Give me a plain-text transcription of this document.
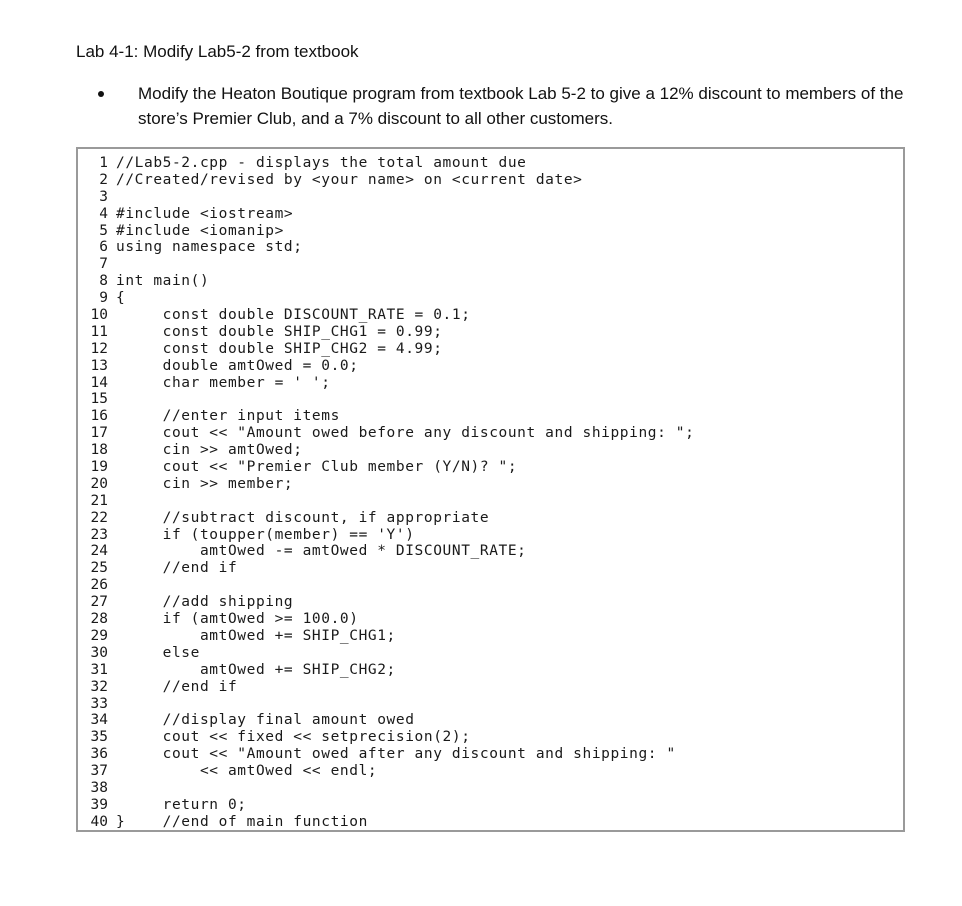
Lab 4-1: Modify Lab5-2 from textbook
Modify the Heaton Boutique program from textbook Lab 5-2 to give a 12% discount to members of the store’s Premier Club, and a 7% discount to all other customers.
1 //Lab5-2.cpp - displays the total amount due
2 //Created/revised by <your name> on <current date>
3
4 #include <iostream>
5 #include <iomanip>
6 using namespace std;
7
8 int main()
9 {
10 const double DISCOUNT_RATE = 0.1;
11 const double SHIP_CHG1 = 0.99;
12 const double SHIP_CHG2 = 4.99;
13 double amtOwed = 0.0;
14 char member = ' ';
15
16 //enter input items
17 cout << "Amount owed before any discount and shipping: ";
18 cin >> amtOwed;
19 cout << "Premier Club member (Y/N)? ";
20 cin >> member;
21
22 //subtract discount, if appropriate
23 if (toupper(member) == 'Y')
24 amtOwed -= amtOwed * DISCOUNT_RATE;
25 //end if
26
27 //add shipping
28 if (amtOwed >= 100.0)
29 amtOwed += SHIP_CHG1;
30 else
31 amtOwed += SHIP_CHG2;
32 //end if
33
34 //display final amount owed
35 cout << fixed << setprecision(2);
36 cout << "Amount owed after any discount and shipping: "
37 << amtOwed << endl;
38
39 return 0;
40 }    //end of main function
